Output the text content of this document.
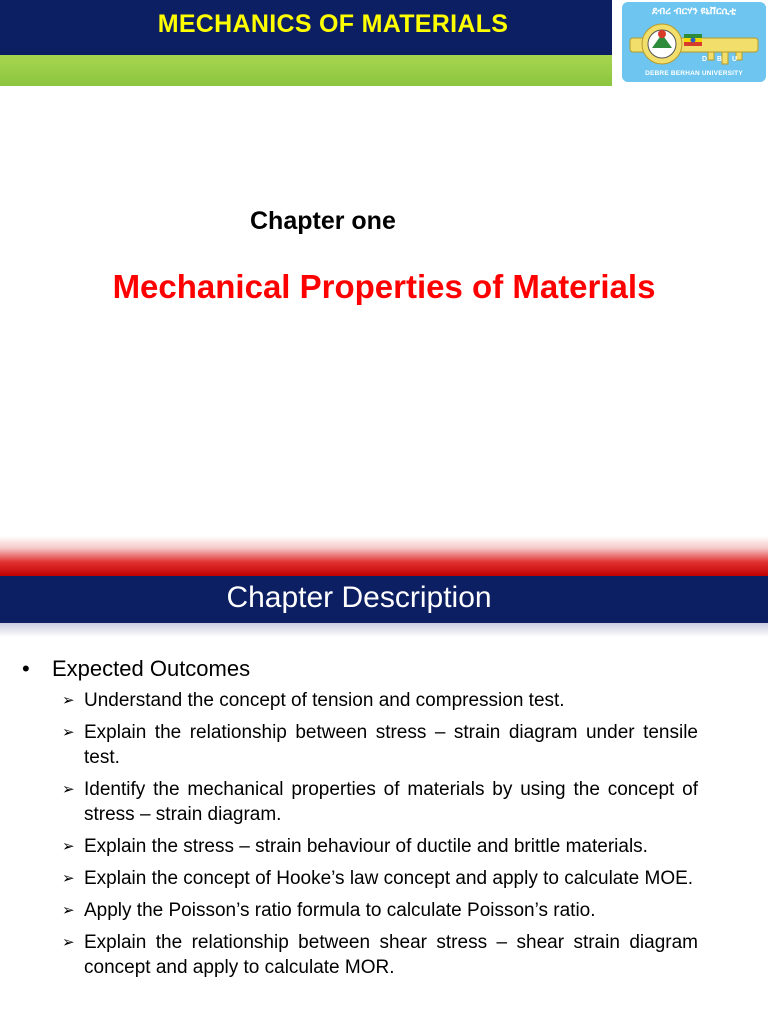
MECHANICS OF MATERIALS	ደብረ ብርሃን ዩኒቨርሲቲ
D B U
DEBRE BERHAN UNIVERSITY
Chapter one
Mechanical Properties of Materials
Chapter Description
• Expected Outcomes
➢ Understand the concept of tension and compression test.
➢ Explain the relationship between stress – strain diagram under tensile test.
➢ Identify the mechanical properties of materials by using the concept of stress – strain diagram.
➢ Explain the stress – strain behaviour of ductile and brittle materials.
➢ Explain the concept of Hooke’s law concept and apply to calculate MOE.
➢ Apply the Poisson’s ratio formula to calculate Poisson’s ratio.
➢ Explain the relationship between shear stress – shear strain diagram concept and apply to calculate MOR.
